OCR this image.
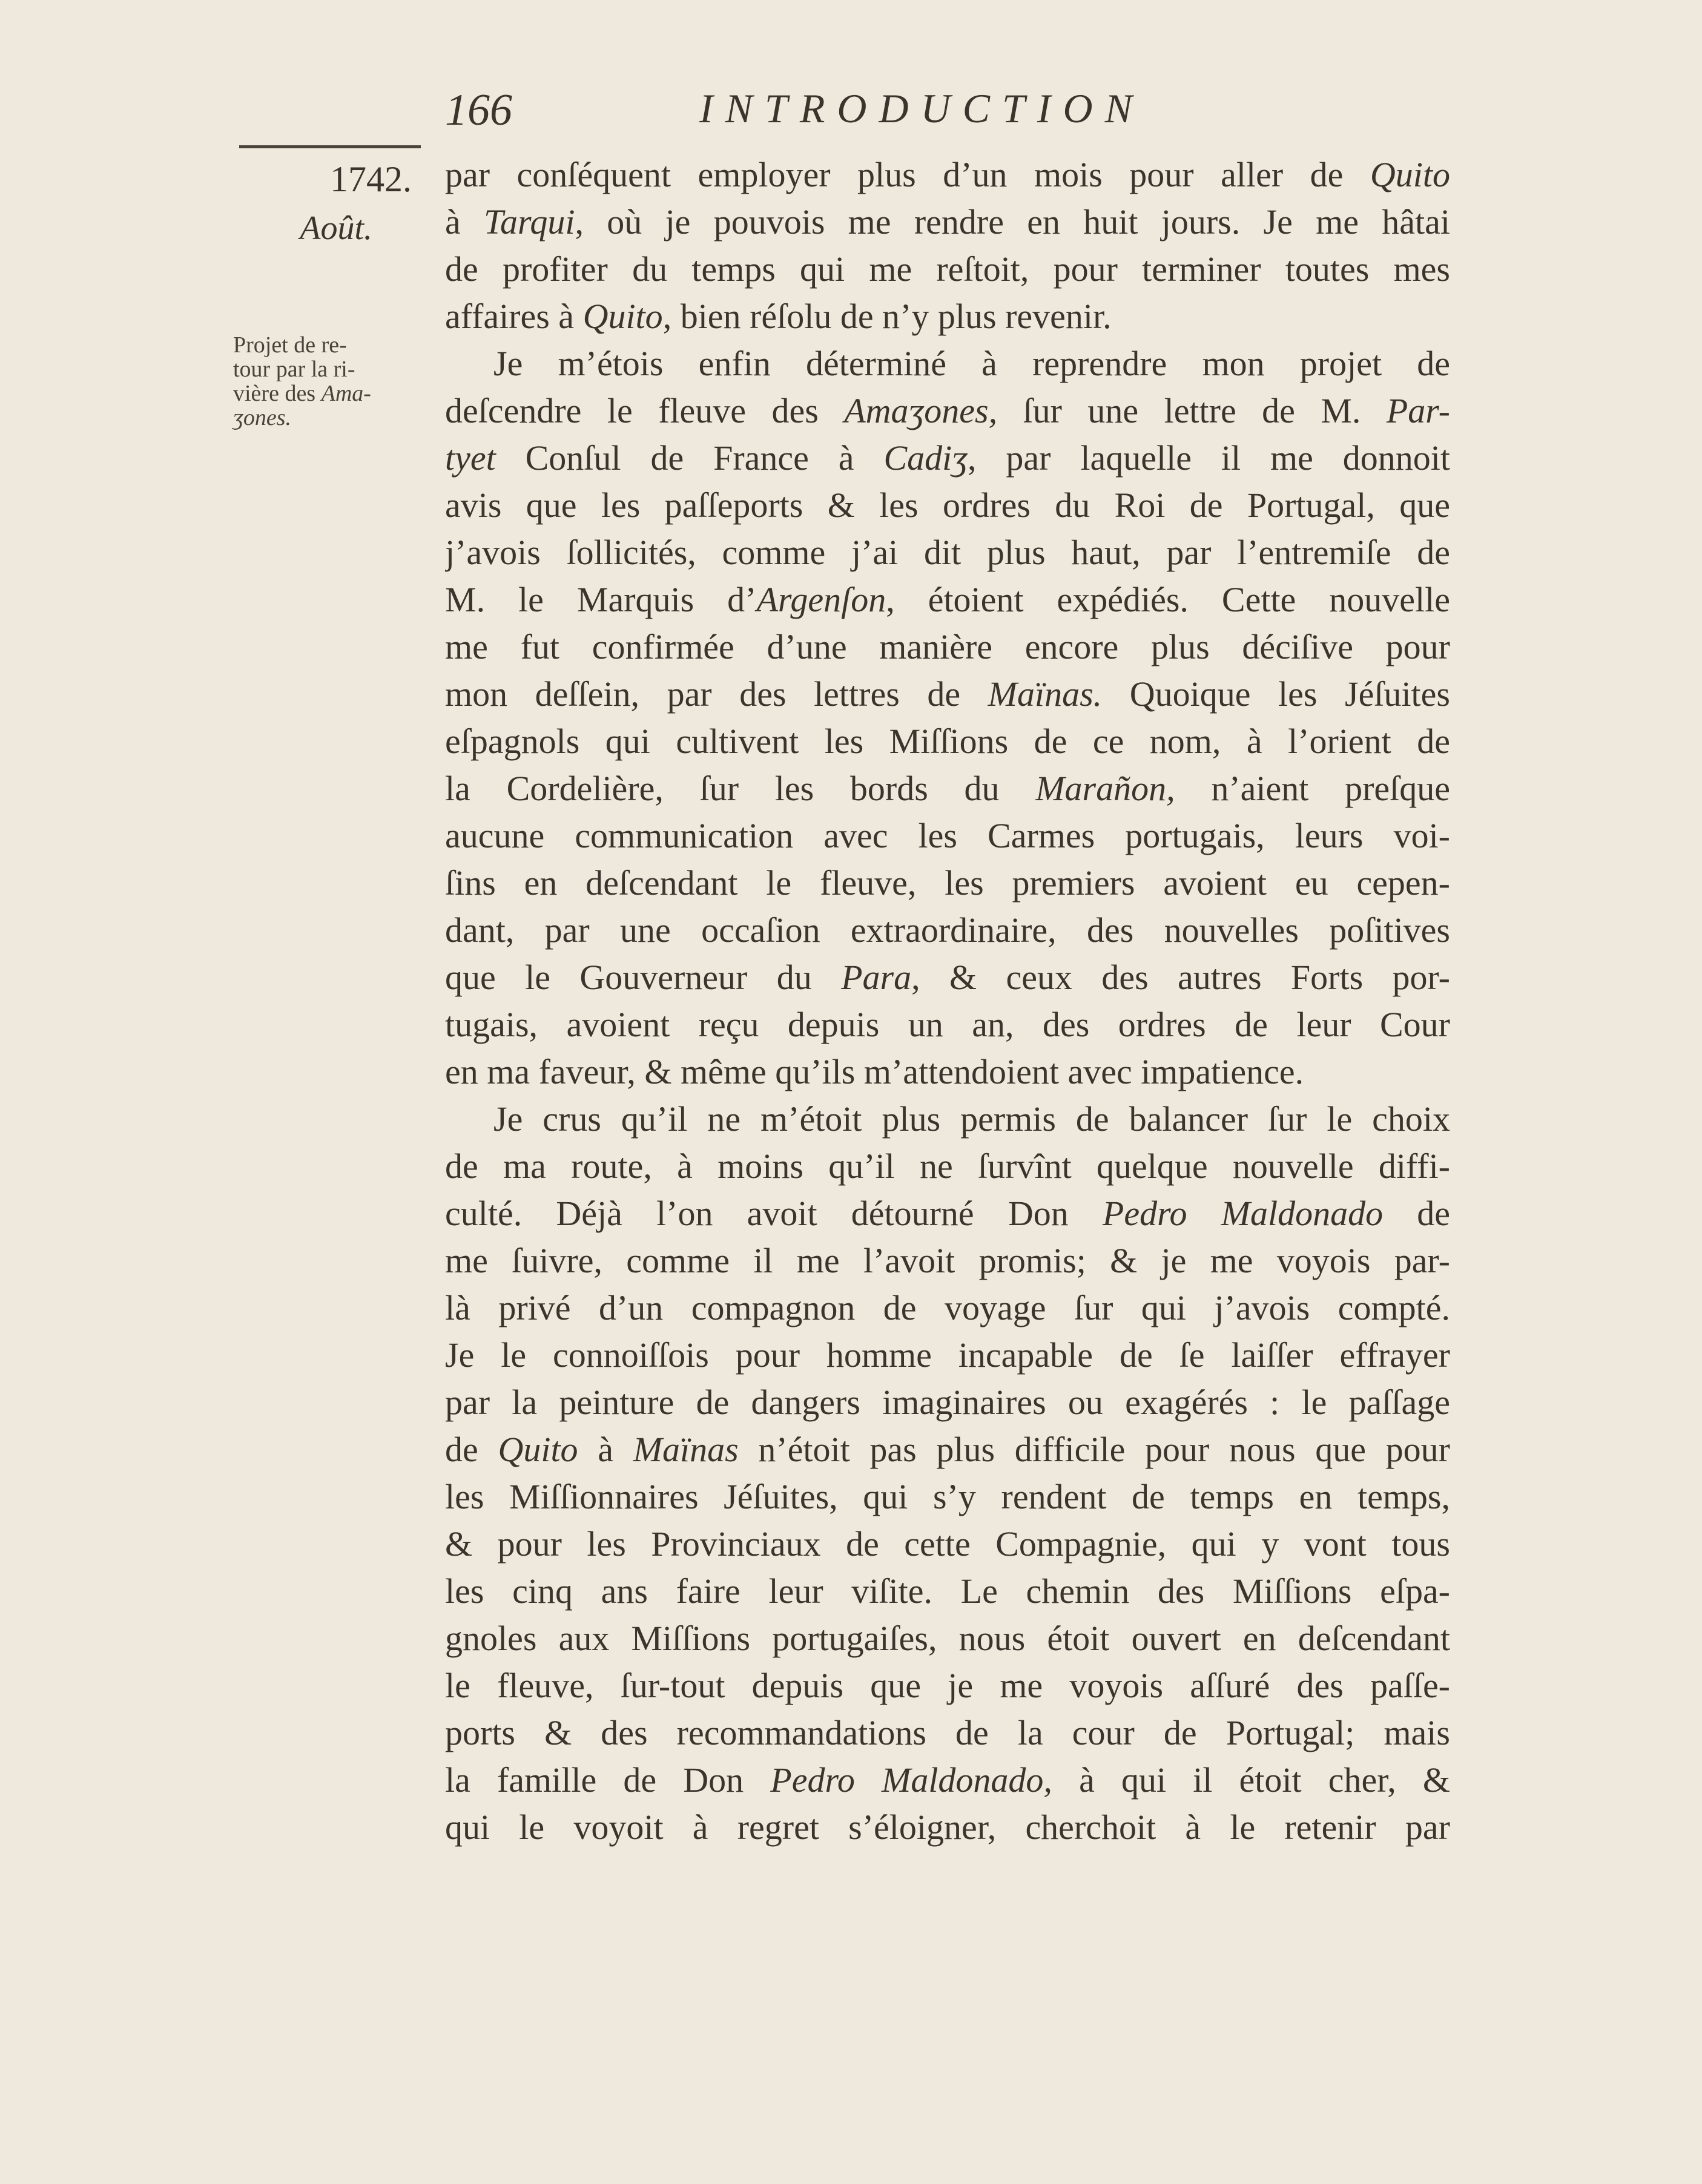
166	INTRODUCTION
1742.
Août.
Projet de re-
tour par la ri-
vière des Ama-
ʒones.
par conſéquent employer plus d’un mois pour aller de Quito
à Tarqui, où je pouvois me rendre en huit jours. Je me hâtai
de profiter du temps qui me reſtoit, pour terminer toutes mes
affaires à Quito, bien réſolu de n’y plus revenir.
Je m’étois enfin déterminé à reprendre mon projet de
deſcendre le fleuve des Amaʒones, ſur une lettre de M. Par-
tyet Conſul de France à Cadiʒ, par laquelle il me donnoit
avis que les paſſeports & les ordres du Roi de Portugal, que
j’avois ſollicités, comme j’ai dit plus haut, par l’entremiſe de
M. le Marquis d’Argenſon, étoient expédiés. Cette nouvelle
me fut confirmée d’une manière encore plus déciſive pour
mon deſſein, par des lettres de Maïnas. Quoique les Jéſuites
eſpagnols qui cultivent les Miſſions de ce nom, à l’orient de
la Cordelière, ſur les bords du Marañon, n’aient preſque
aucune communication avec les Carmes portugais, leurs voi-
ſins en deſcendant le fleuve, les premiers avoient eu cepen-
dant, par une occaſion extraordinaire, des nouvelles poſitives
que le Gouverneur du Para, & ceux des autres Forts por-
tugais, avoient reçu depuis un an, des ordres de leur Cour
en ma faveur, & même qu’ils m’attendoient avec impatience.
Je crus qu’il ne m’étoit plus permis de balancer ſur le choix
de ma route, à moins qu’il ne ſurvînt quelque nouvelle diffi-
culté. Déjà l’on avoit détourné Don Pedro Maldonado de
me ſuivre, comme il me l’avoit promis; & je me voyois par-
là privé d’un compagnon de voyage ſur qui j’avois compté.
Je le connoiſſois pour homme incapable de ſe laiſſer effrayer
par la peinture de dangers imaginaires ou exagérés : le paſſage
de Quito à Maïnas n’étoit pas plus difficile pour nous que pour
les Miſſionnaires Jéſuites, qui s’y rendent de temps en temps,
& pour les Provinciaux de cette Compagnie, qui y vont tous
les cinq ans faire leur viſite. Le chemin des Miſſions eſpa-
gnoles aux Miſſions portugaiſes, nous étoit ouvert en deſcendant
le fleuve, ſur-tout depuis que je me voyois aſſuré des paſſe-
ports & des recommandations de la cour de Portugal; mais
la famille de Don Pedro Maldonado, à qui il étoit cher, &
qui le voyoit à regret s’éloigner, cherchoit à le retenir par
